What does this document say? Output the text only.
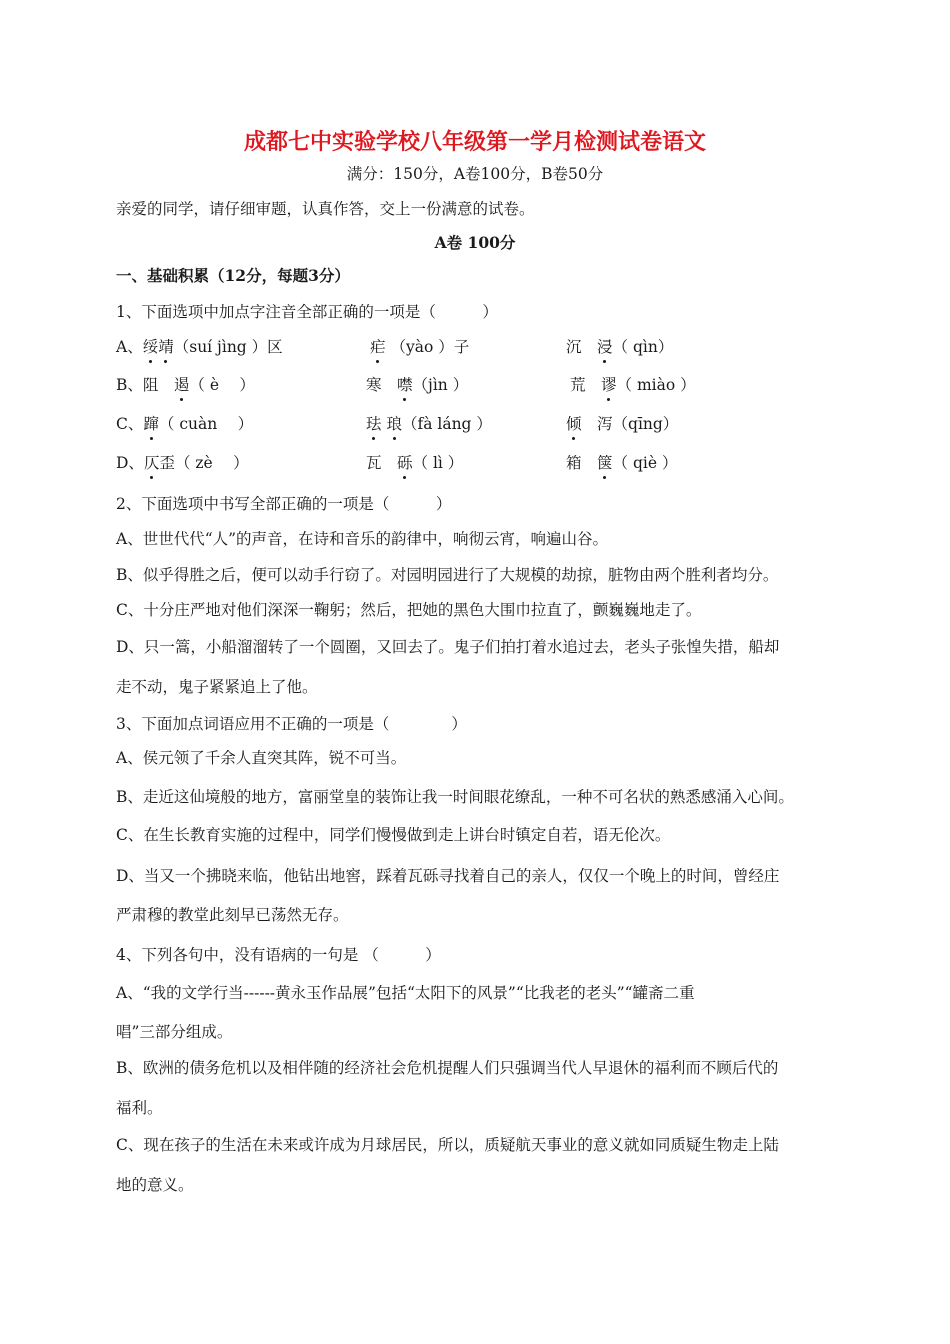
成都七中实验学校八年级第一学月检测试卷语文
满分：150分，A卷100分，B卷50分
亲爱的同学，请仔细审题，认真作答，交上一份满意的试卷。
A卷 100分
一、基础积累（12分，每题3分）
1、下面选项中加点字注音全部正确的一项是（　　　）
A、绥靖（suí jìng ）区	疟 （yào ）子	沉　浸（ qìn）
B、阻　遏（ è　 ）	寒　噤（jìn ）	荒　谬（ miào ）
C、蹿（ cuàn　 ）	珐 琅（fà láng ）	倾　泻（qīng）
D、仄歪（ zè　 ）	瓦　砾（ lì ）	箱　箧（ qiè ）
2、下面选项中书写全部正确的一项是（　　　）
A、世世代代“人”的声音，在诗和音乐的韵律中，响彻云宵，响遍山谷。
B、似乎得胜之后，便可以动手行窃了。对园明园进行了大规模的劫掠，脏物由两个胜利者均分。
C、十分庄严地对他们深深一鞠躬；然后，把她的黑色大围巾拉直了，颤巍巍地走了。
D、只一篙，小船溜溜转了一个圆圈，又回去了。鬼子们拍打着水追过去，老头子张惶失措，船却
走不动，鬼子紧紧追上了他。
3、下面加点词语应用不正确的一项是（　　　　）
A、侯元领了千余人直突其阵，锐不可当。
B、走近这仙境般的地方，富丽堂皇的装饰让我一时间眼花缭乱，一种不可名状的熟悉感涌入心间。
C、在生长教育实施的过程中，同学们慢慢做到走上讲台时镇定自若，语无伦次。
D、当又一个拂晓来临，他钻出地窖，踩着瓦砾寻找着自己的亲人，仅仅一个晚上的时间，曾经庄
严肃穆的教堂此刻早已荡然无存。
4、下列各句中，没有语病的一句是 （　　　）
A、“我的文学行当------黄永玉作品展”包括“太阳下的风景”“比我老的老头”“罐斋二重
唱”三部分组成。
B、欧洲的债务危机以及相伴随的经济社会危机提醒人们只强调当代人早退休的福利而不顾后代的
福利。
C、现在孩子的生活在未来或许成为月球居民，所以，质疑航天事业的意义就如同质疑生物走上陆
地的意义。
